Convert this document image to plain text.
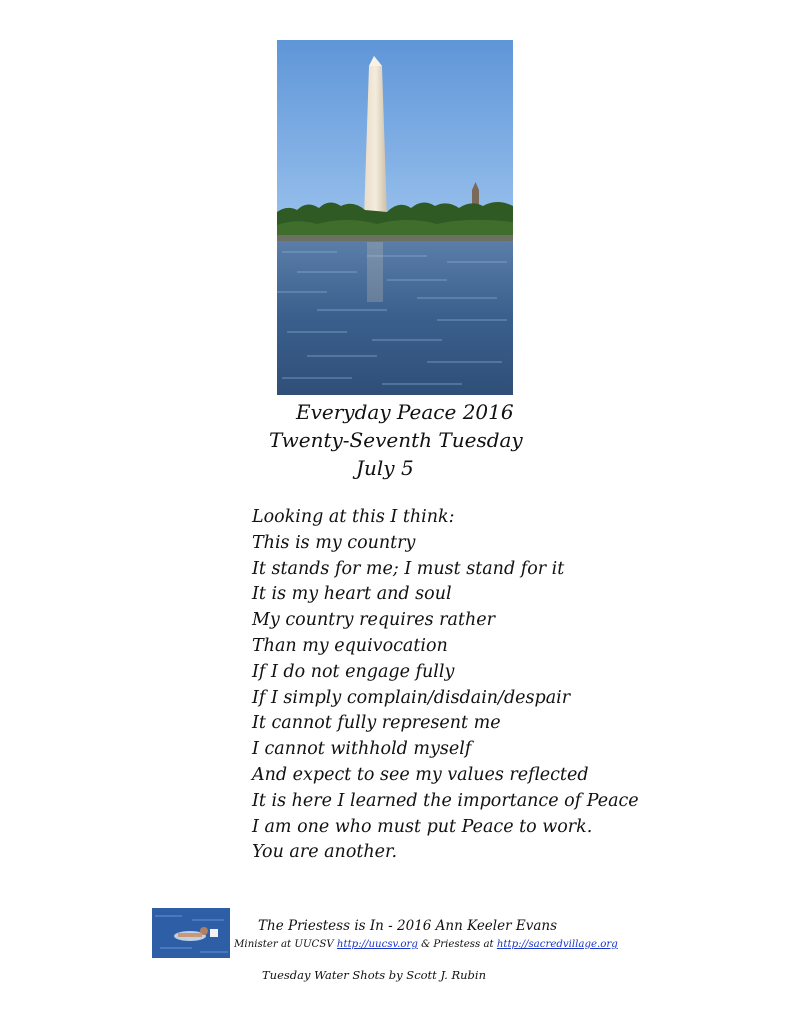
Everyday Peace 2016
Twenty-Seventh Tuesday
July 5
Looking at this I think:
This is my country
It stands for me; I must stand for it
It is my heart and soul
My country requires rather
Than my equivocation
If I do not engage fully
If I simply complain/disdain/despair
It cannot fully represent me
I cannot withhold myself
And expect to see my values reflected
It is here I learned the importance of Peace
I am one who must put Peace to work.
You are another.
The Priestess is In - 2016 Ann Keeler Evans
Minister at UUCSV http://uucsv.org & Priestess at http://sacredvillage.org
Tuesday Water Shots by Scott J. Rubin
